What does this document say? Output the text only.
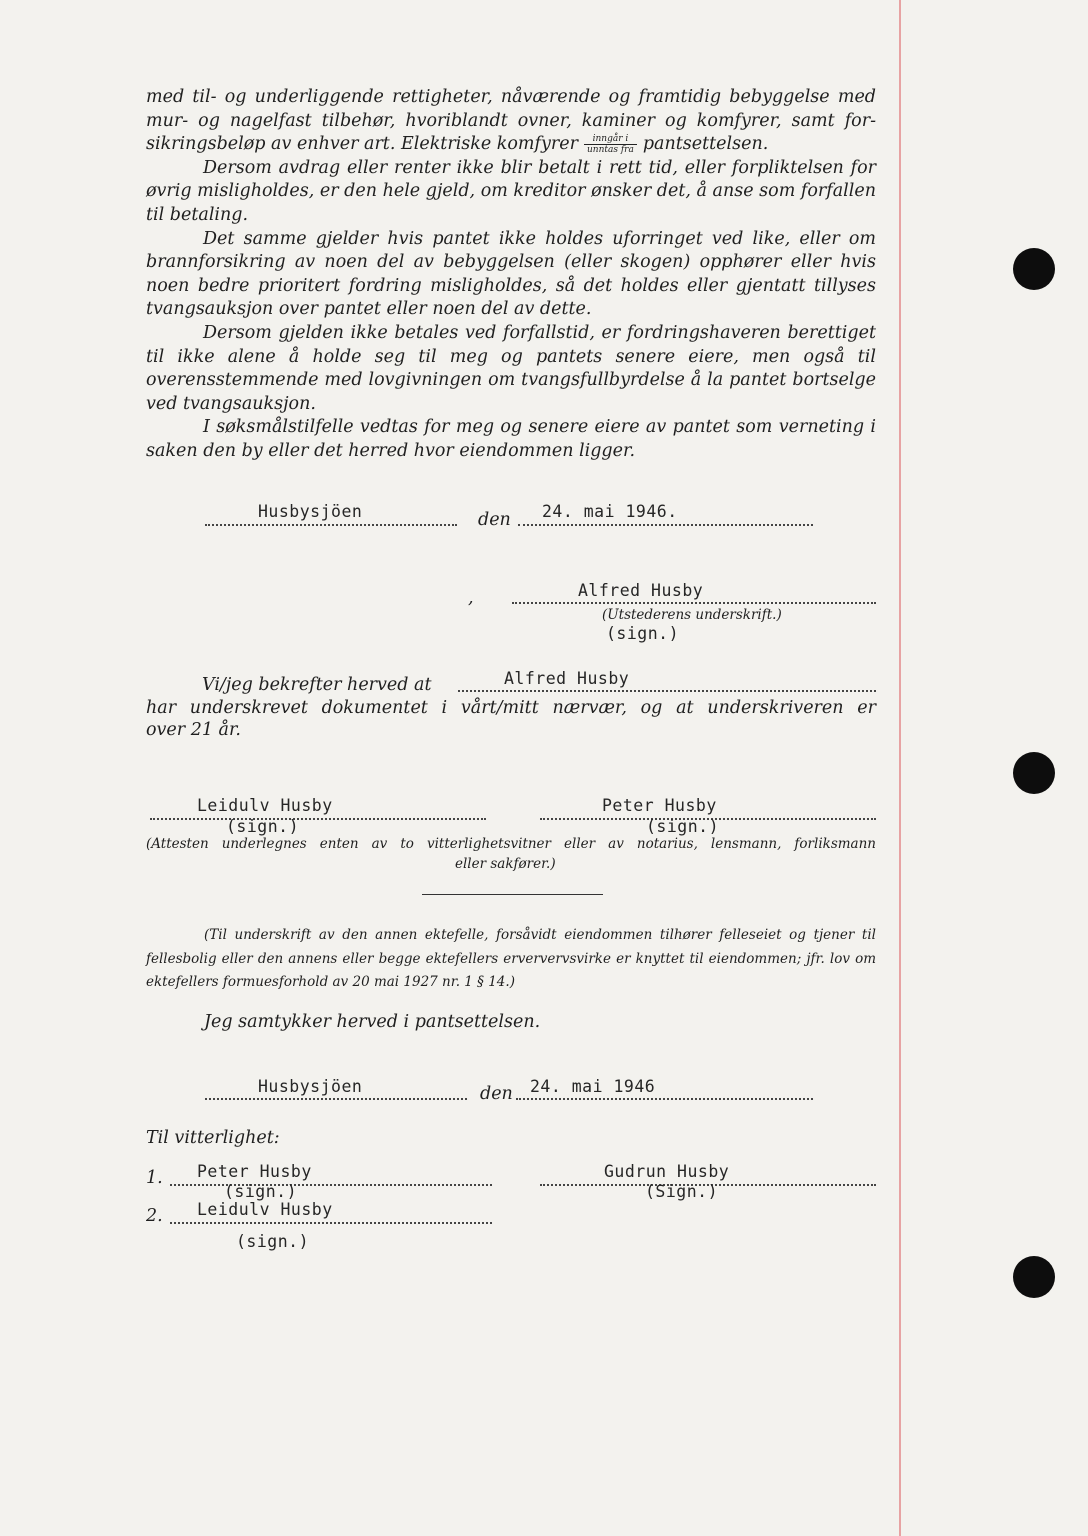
med til- og underliggende rettigheter, nåværende og framtidig bebyggelse med mur- og nagelfast tilbehør, hvoriblandt ovner, kaminer og komfyrer, samt for- sikringsbeløp av enhver art. Elektriske komfyrer $\frac{\text{inngår i}}{\text{unntas fra}}$ pantsettelsen.

Dersom avdrag eller renter ikke blir betalt i rett tid, eller forpliktelsen for øvrig misligholdes, er den hele gjeld, om kreditor ønsker det, å anse som forfallen til betaling.

Det samme gjelder hvis pantet ikke holdes uforringet ved like, eller om brannforsikring av noen del av bebyggelsen (eller skogen) opphører eller hvis noen bedre prioritert fordring misligholdes, så det holdes eller gjentatt tillyses tvangsauksjon over pantet eller noen del av dette.

Dersom gjelden ikke betales ved forfallstid, er fordringshaveren berettiget til ikke alene å holde seg til meg og pantets senere eiere, men også til overensstemmende med lovgivningen om tvangsfullbyrdelse å la pantet bortselge ved tvangsauksjon.

I søksmålstilfelle vedtas for meg og senere eiere av pantet som verneting i saken den by eller det herred hvor eiendommen ligger.

Husbysjöen	den 24. mai 1946.
,	Alfred Husby
(Utstederens underskrift.)
(sign.)
Vi/jeg bekrefter herved at	Alfred Husby
har underskrevet dokumentet i vårt/mitt nærvær, og at underskriveren er
over 21 år.
Leidulv Husby
(sign.)
Peter Husby
(sign.)
(Attesten underlegnes enten av to vitterlighetsvitner eller av notarius, lensmann, forliksmann
eller sakfører.)

(Til underskrift av den annen ektefelle, forsåvidt eiendommen tilhører felleseiet og tjener til fellesbolig eller den annens eller begge ektefellers erververvsvirke er knyttet til eiendommen; jfr. lov om ektefellers formuesforhold av 20 mai 1927 nr. 1 § 14.)

Jeg samtykker herved i pantsettelsen.
Husbysjöen	den 24. mai 1946
Til vitterlighet:
1. Peter Husby
(sign.)
Gudrun Husby
(Sign.)
2. Leidulv Husby
(sign.)
